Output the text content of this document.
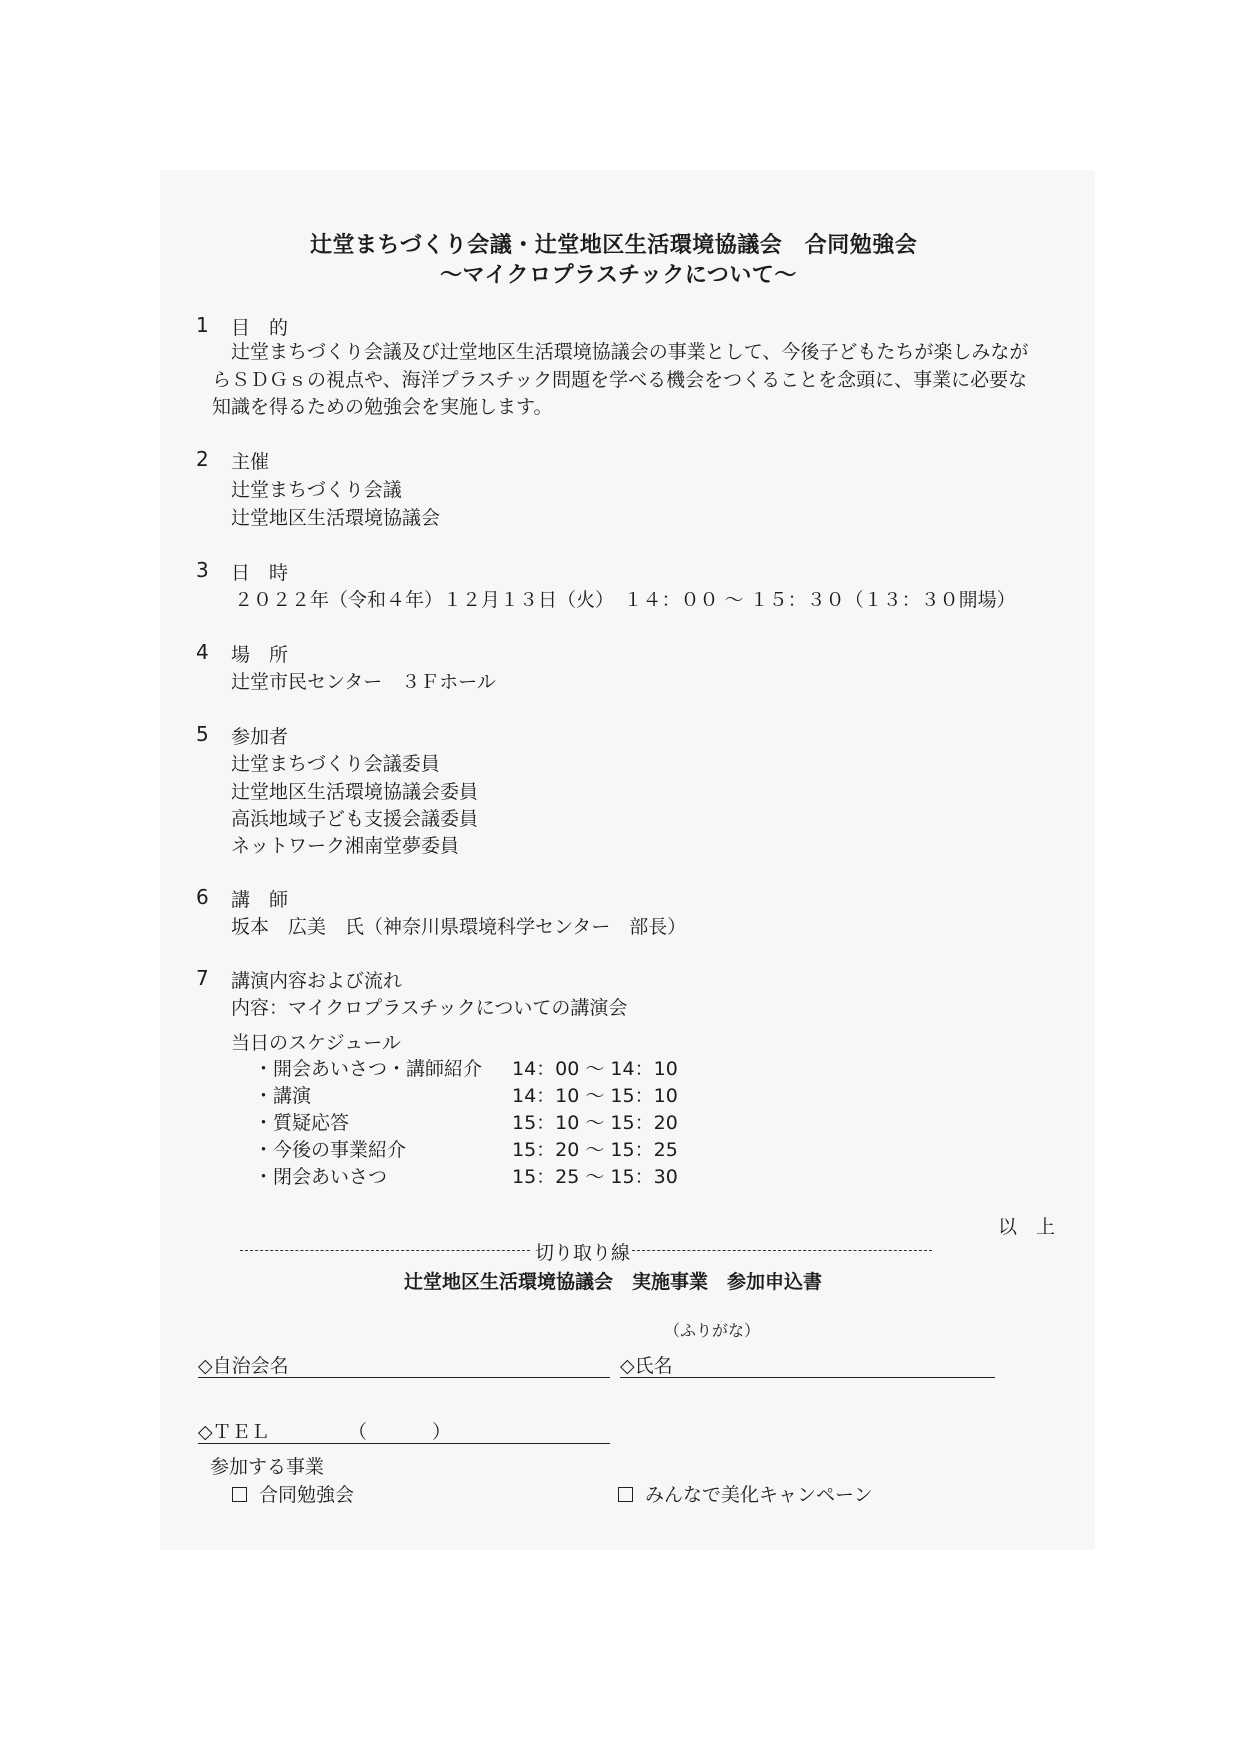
辻堂まちづくり会議・辻堂地区生活環境協議会　合同勉強会
～マイクロプラスチックについて～
1 目　的
辻堂まちづくり会議及び辻堂地区生活環境協議会の事業として、今後子どもたちが楽しみなが
らＳＤＧｓの視点や、海洋プラスチック問題を学べる機会をつくることを念頭に、事業に必要な
知識を得るための勉強会を実施します。
2 主催
辻堂まちづくり会議
辻堂地区生活環境協議会
3 日　時
２０２２年（令和４年）１２月１３日（火）　１４：００ ～ １５：３０（１３：３０開場）
4 場　所
辻堂市民センター　３Ｆホール
5 参加者
辻堂まちづくり会議委員
辻堂地区生活環境協議会委員
高浜地域子ども支援会議委員
ネットワーク湘南堂夢委員
6 講　師
坂本　広美　氏（神奈川県環境科学センター　部長）
7 講演内容および流れ
内容：マイクロプラスチックについての講演会
当日のスケジュール
・開会あいさつ・講師紹介 14：00 ～ 14：10
・講演	14：10 ～ 15：10
・質疑応答	15：10 ～ 15：20
・今後の事業紹介	15：20 ～ 15：25
・閉会あいさつ	15：25 ～ 15：30
以　上
切り取り線
辻堂地区生活環境協議会　実施事業　参加申込書
（ふりがな）
◇自治会名	◇氏名
◇ＴＥＬ	（	）
参加する事業
合同勉強会	みんなで美化キャンペーン
